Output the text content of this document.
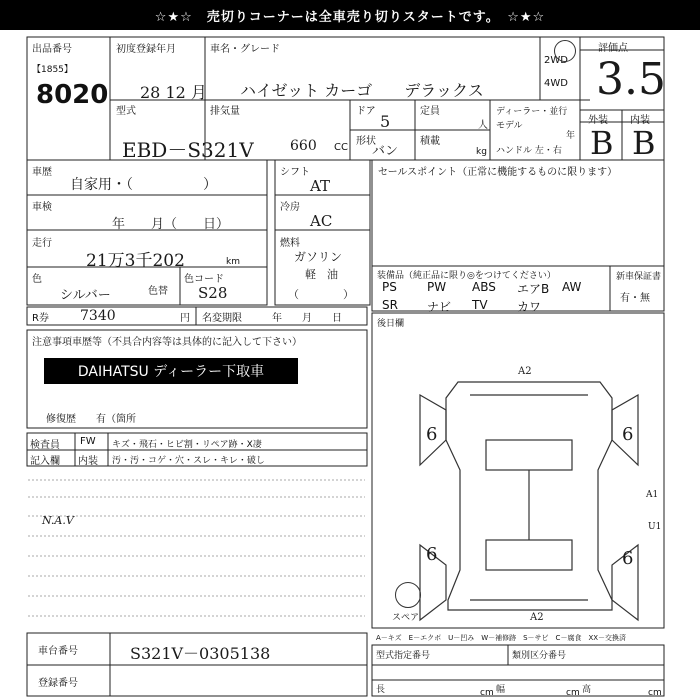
☆★☆　売切りコーナーは全車売り切りスタートです。　☆★☆
出品番号
【1855】
8020
初度登録年月
28 12 月
車名・グレード
ハイゼット カーゴ　　デラックス
2WD
4WD
評価点
3.5
外装 内装
B B
型式
EBD－S321V
排気量
660 CC
ドア
5
定員
人
形状
バン
積載
kg
ディーラー・並行
モデル
年
ハンドル 左・右
車歴
自家用・（　　　　　）
車検
年　　月（　　日）
走行
21万3千202	km
色
シルバー	色替
色コード
S28
シフト
AT
冷房
AC
燃料
ガソリン
軽　油
（　　　　）
セールスポイント（正常に機能するものに限ります）
装備品（純正品に限り◎をつけてください）
PS	PW	ABS	エアB	AW
SR	ナビ	TV	カワ
新車保証書
有・無
R券 7340	円 名変期限	年　　月　　日
注意事項車歴等（不具合内容等は具体的に記入して下さい）
DAIHATSU ディーラー下取車
修復歴　　有（箇所
後日欄
検査員
記入欄
FW キズ・飛石・ヒビ割・リペア跡・X凄
内装 汚・汚・コゲ・穴・スレ・キレ・破し
N.A.V
6	6
6	6
A2
A2
A1
U1
スペア
A－キズ　E－エクボ　U－凹み　W－補修跡　S－サビ　C－腐食　XX－交換済
車台番号	S321V－0305138
登録番号
型式指定番号	類別区分番号
長	cm 幅	cm 高	cm
